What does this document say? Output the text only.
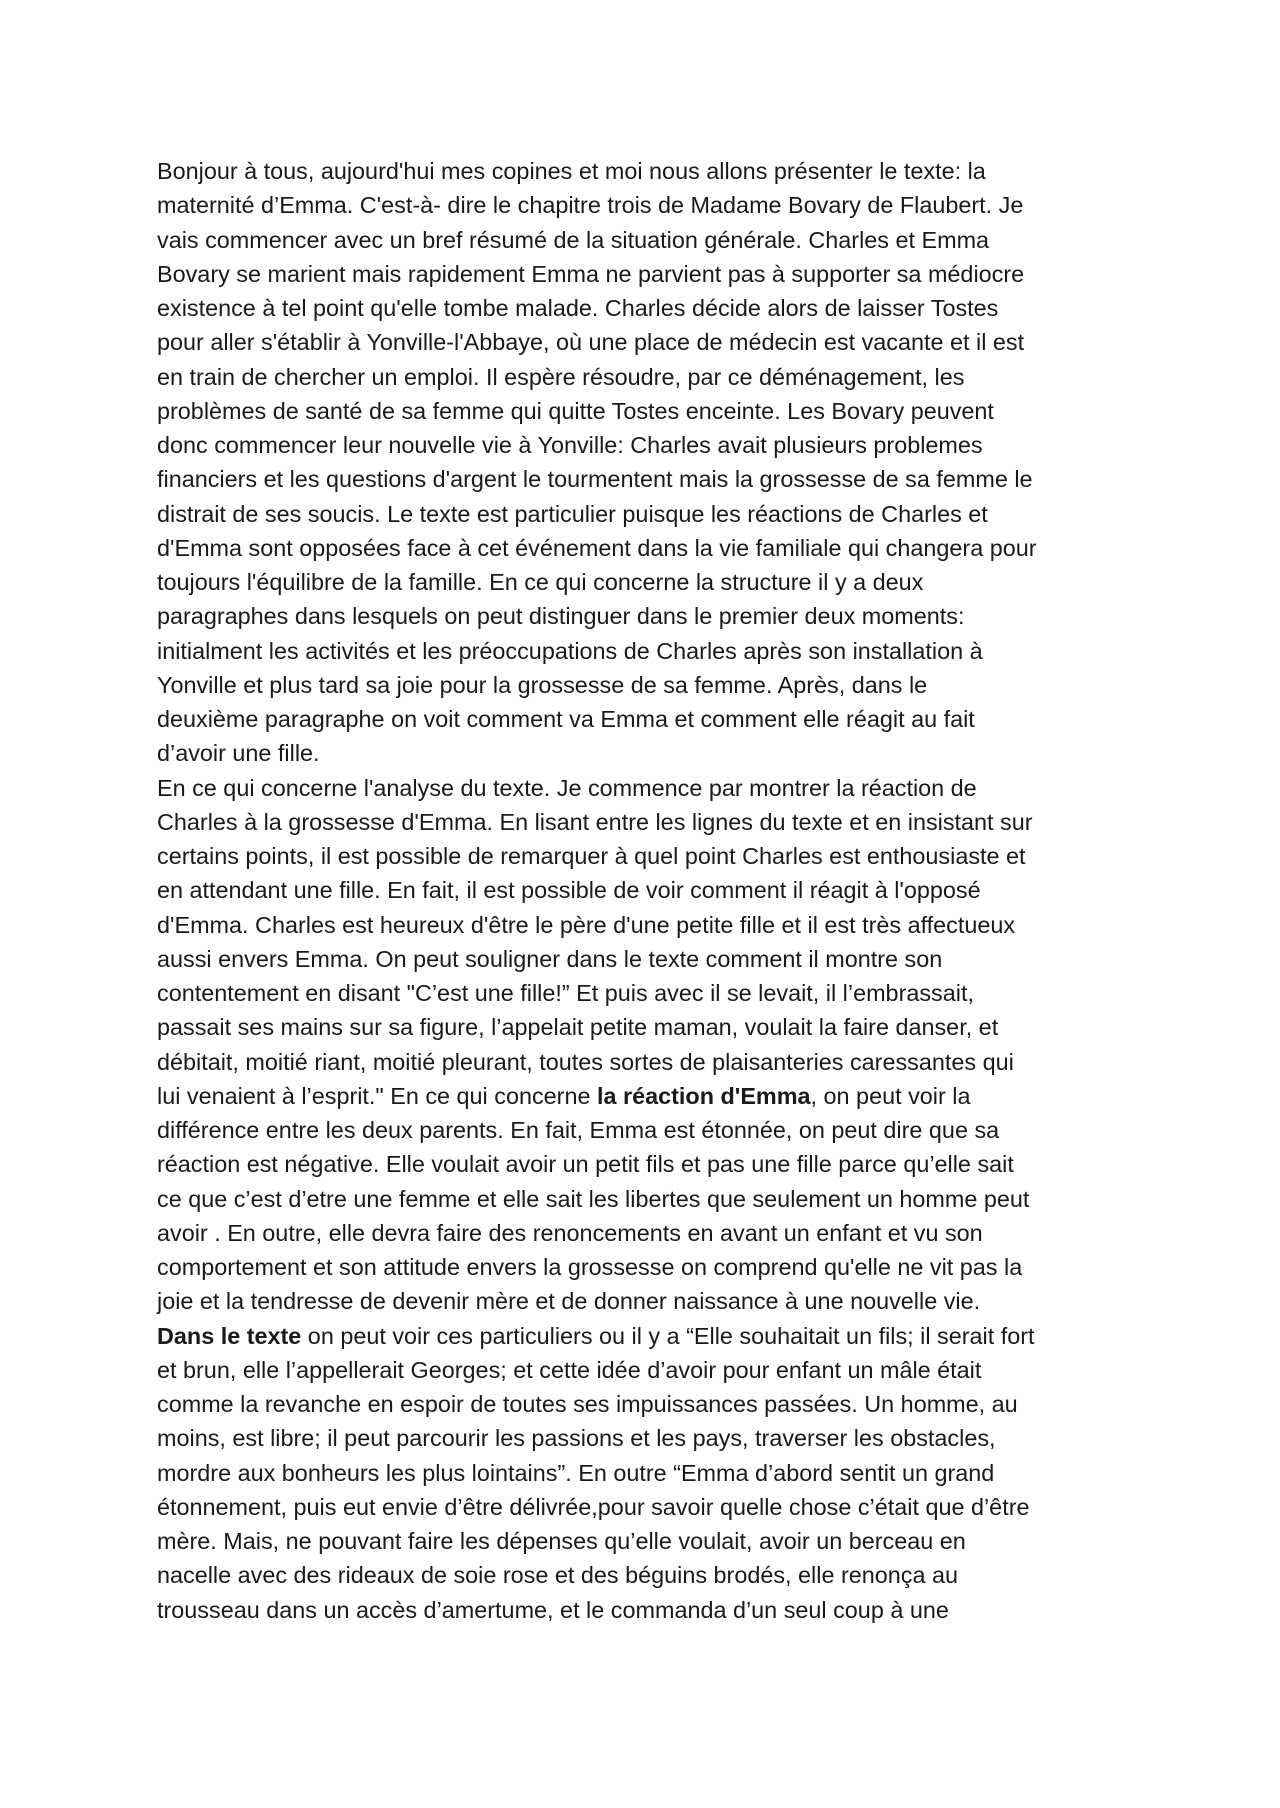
Bonjour à tous, aujourd'hui mes copines et moi nous allons présenter le texte: la
maternité d’Emma. C'est-à- dire le chapitre trois de Madame Bovary de Flaubert. Je
vais commencer avec un bref résumé de la situation générale. Charles et Emma
Bovary se marient mais rapidement Emma ne parvient pas à supporter sa médiocre
existence à tel point qu'elle tombe malade. Charles décide alors de laisser Tostes
pour aller s'établir à Yonville-l'Abbaye, où une place de médecin est vacante et il est
en train de chercher un emploi. Il espère résoudre, par ce déménagement, les
problèmes de santé de sa femme qui quitte Tostes enceinte. Les Bovary peuvent
donc commencer leur nouvelle vie à Yonville: Charles avait plusieurs problemes
financiers et les questions d'argent le tourmentent mais la grossesse de sa femme le
distrait de ses soucis. Le texte est particulier puisque les réactions de Charles et
d'Emma sont opposées face à cet événement dans la vie familiale qui changera pour
toujours l'équilibre de la famille. En ce qui concerne la structure il y a deux
paragraphes dans lesquels on peut distinguer dans le premier deux moments:
initialment les activités et les préoccupations de Charles après son installation à
Yonville et plus tard sa joie pour la grossesse de sa femme. Après, dans le
deuxième paragraphe on voit comment va Emma et comment elle réagit au fait
d’avoir une fille.
En ce qui concerne l'analyse du texte. Je commence par montrer la réaction de
Charles à la grossesse d'Emma. En lisant entre les lignes du texte et en insistant sur
certains points, il est possible de remarquer à quel point Charles est enthousiaste et
en attendant une fille. En fait, il est possible de voir comment il réagit à l'opposé
d'Emma. Charles est heureux d'être le père d'une petite fille et il est très affectueux
aussi envers Emma. On peut souligner dans le texte comment il montre son
contentement en disant "C’est une fille!” Et puis avec il se levait, il l’embrassait,
passait ses mains sur sa figure, l’appelait petite maman, voulait la faire danser, et
débitait, moitié riant, moitié pleurant, toutes sortes de plaisanteries caressantes qui
lui venaient à l’esprit." En ce qui concerne la réaction d'Emma, on peut voir la
différence entre les deux parents. En fait, Emma est étonnée, on peut dire que sa
réaction est négative. Elle voulait avoir un petit fils et pas une fille parce qu’elle sait
ce que c’est d’etre une femme et elle sait les libertes que seulement un homme peut
avoir . En outre, elle devra faire des renoncements en avant un enfant et vu son
comportement et son attitude envers la grossesse on comprend qu'elle ne vit pas la
joie et la tendresse de devenir mère et de donner naissance à une nouvelle vie.
Dans le texte on peut voir ces particuliers ou il y a “Elle souhaitait un fils; il serait fort
et brun, elle l’appellerait Georges; et cette idée d’avoir pour enfant un mâle était
comme la revanche en espoir de toutes ses impuissances passées. Un homme, au
moins, est libre; il peut parcourir les passions et les pays, traverser les obstacles,
mordre aux bonheurs les plus lointains”. En outre “Emma d’abord sentit un grand
étonnement, puis eut envie d’être délivrée,pour savoir quelle chose c’était que d’être
mère. Mais, ne pouvant faire les dépenses qu’elle voulait, avoir un berceau en
nacelle avec des rideaux de soie rose et des béguins brodés, elle renonça au
trousseau dans un accès d’amertume, et le commanda d’un seul coup à une
